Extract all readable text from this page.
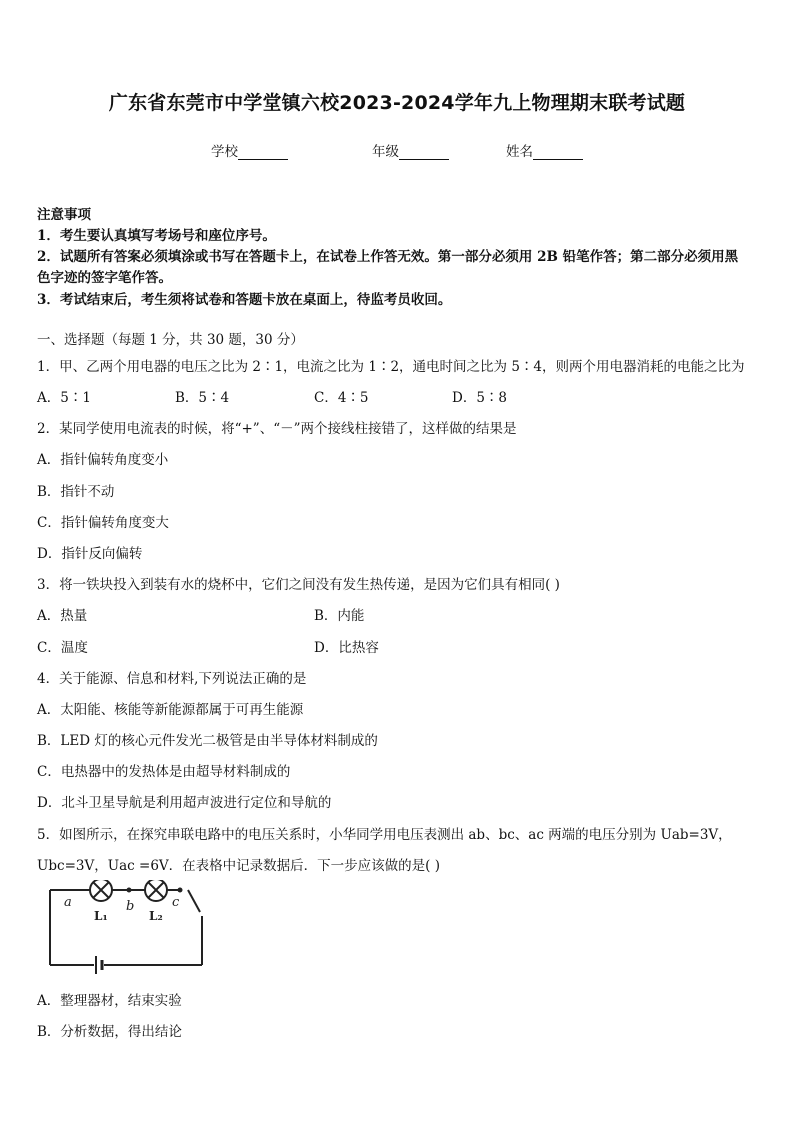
广东省东莞市中学堂镇六校2023-2024学年九上物理期末联考试题
学校	年级	姓名
注意事项
1．考生要认真填写考场号和座位序号。
2．试题所有答案必须填涂或书写在答题卡上，在试卷上作答无效。第一部分必须用 2B 铅笔作答；第二部分必须用黑
色字迹的签字笔作答。
3．考试结束后，考生须将试卷和答题卡放在桌面上，待监考员收回。
一、选择题（每题 1 分，共 30 题，30 分）
1．甲、乙两个用电器的电压之比为 2∶1，电流之比为 1∶2，通电时间之比为 5∶4，则两个用电器消耗的电能之比为
A．5∶1	B．5∶4	C．4∶5	D．5∶8
2．某同学使用电流表的时候，将“+”、“－”两个接线柱接错了，这样做的结果是
A．指针偏转角度变小
B．指针不动
C．指针偏转角度变大
D．指针反向偏转
3．将一铁块投入到装有水的烧杯中，它们之间没有发生热传递，是因为它们具有相同( )
A．热量	B．内能
C．温度	D．比热容
4．关于能源、信息和材料,下列说法正确的是
A．太阳能、核能等新能源都属于可再生能源
B．LED 灯的核心元件发光二极管是由半导体材料制成的
C．电热器中的发热体是由超导材料制成的
D．北斗卫星导航是利用超声波进行定位和导航的
5．如图所示，在探究串联电路中的电压关系时，小华同学用电压表测出 ab、bc、ac 两端的电压分别为 Uab=3V，
Ubc=3V，Uac =6V．在表格中记录数据后．下一步应该做的是( )
a	b	c
L₁	L₂
A．整理器材，结束实验
B．分析数据，得出结论
